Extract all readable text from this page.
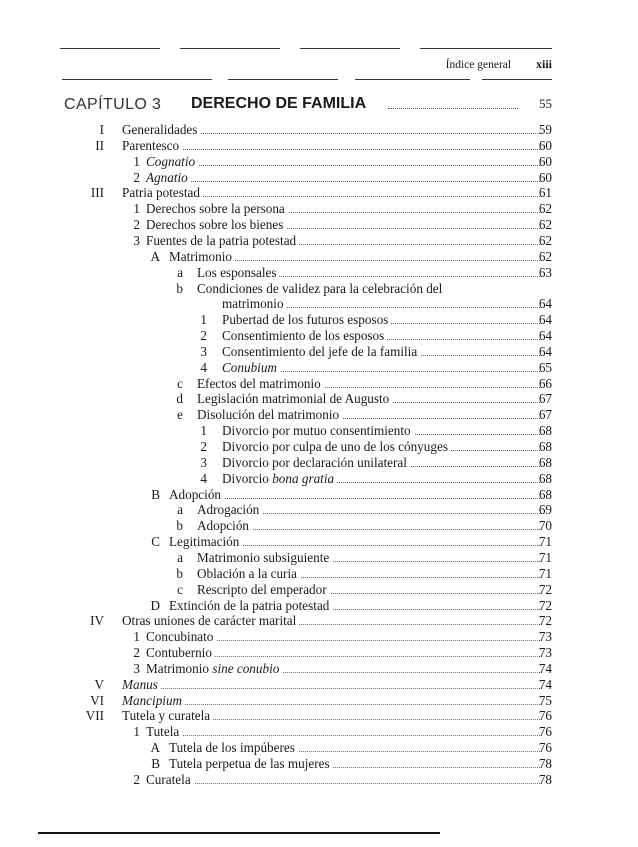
Índice general xiii
CAPÍTULO 3 DERECHO DE FAMILIA	55
I Generalidades	59
II Parentesco	60
1 Cognatio	60
2 Agnatio	60
III Patria potestad	61
1 Derechos sobre la persona	62
2 Derechos sobre los bienes	62
3 Fuentes de la patria potestad	62
A Matrimonio	62
a Los esponsales	63
b Condiciones de validez para la celebración del
matrimonio	64
1 Pubertad de los futuros esposos	64
2 Consentimiento de los esposos	64
3 Consentimiento del jefe de la familia	64
4 Conubium	65
c Efectos del matrimonio	66
d Legislación matrimonial de Augusto	67
e Disolución del matrimonio	67
1 Divorcio por mutuo consentimiento	68
2 Divorcio por culpa de uno de los cónyuges	68
3 Divorcio por declaración unilateral	68
4 Divorcio bona gratia	68
B Adopción	68
a Adrogación	69
b Adopción	70
C Legitimación	71
a Matrimonio subsiguiente	71
b Oblación a la curia	71
c Rescripto del emperador	72
D Extinción de la patria potestad	72
IV Otras uniones de carácter marital	72
1 Concubinato	73
2 Contubernio	73
3 Matrimonio sine conubio	74
V Manus	74
VI Mancipium	75
VII Tutela y curatela	76
1 Tutela	76
A Tutela de los impúberes	76
B Tutela perpetua de las mujeres	78
2 Curatela	78
